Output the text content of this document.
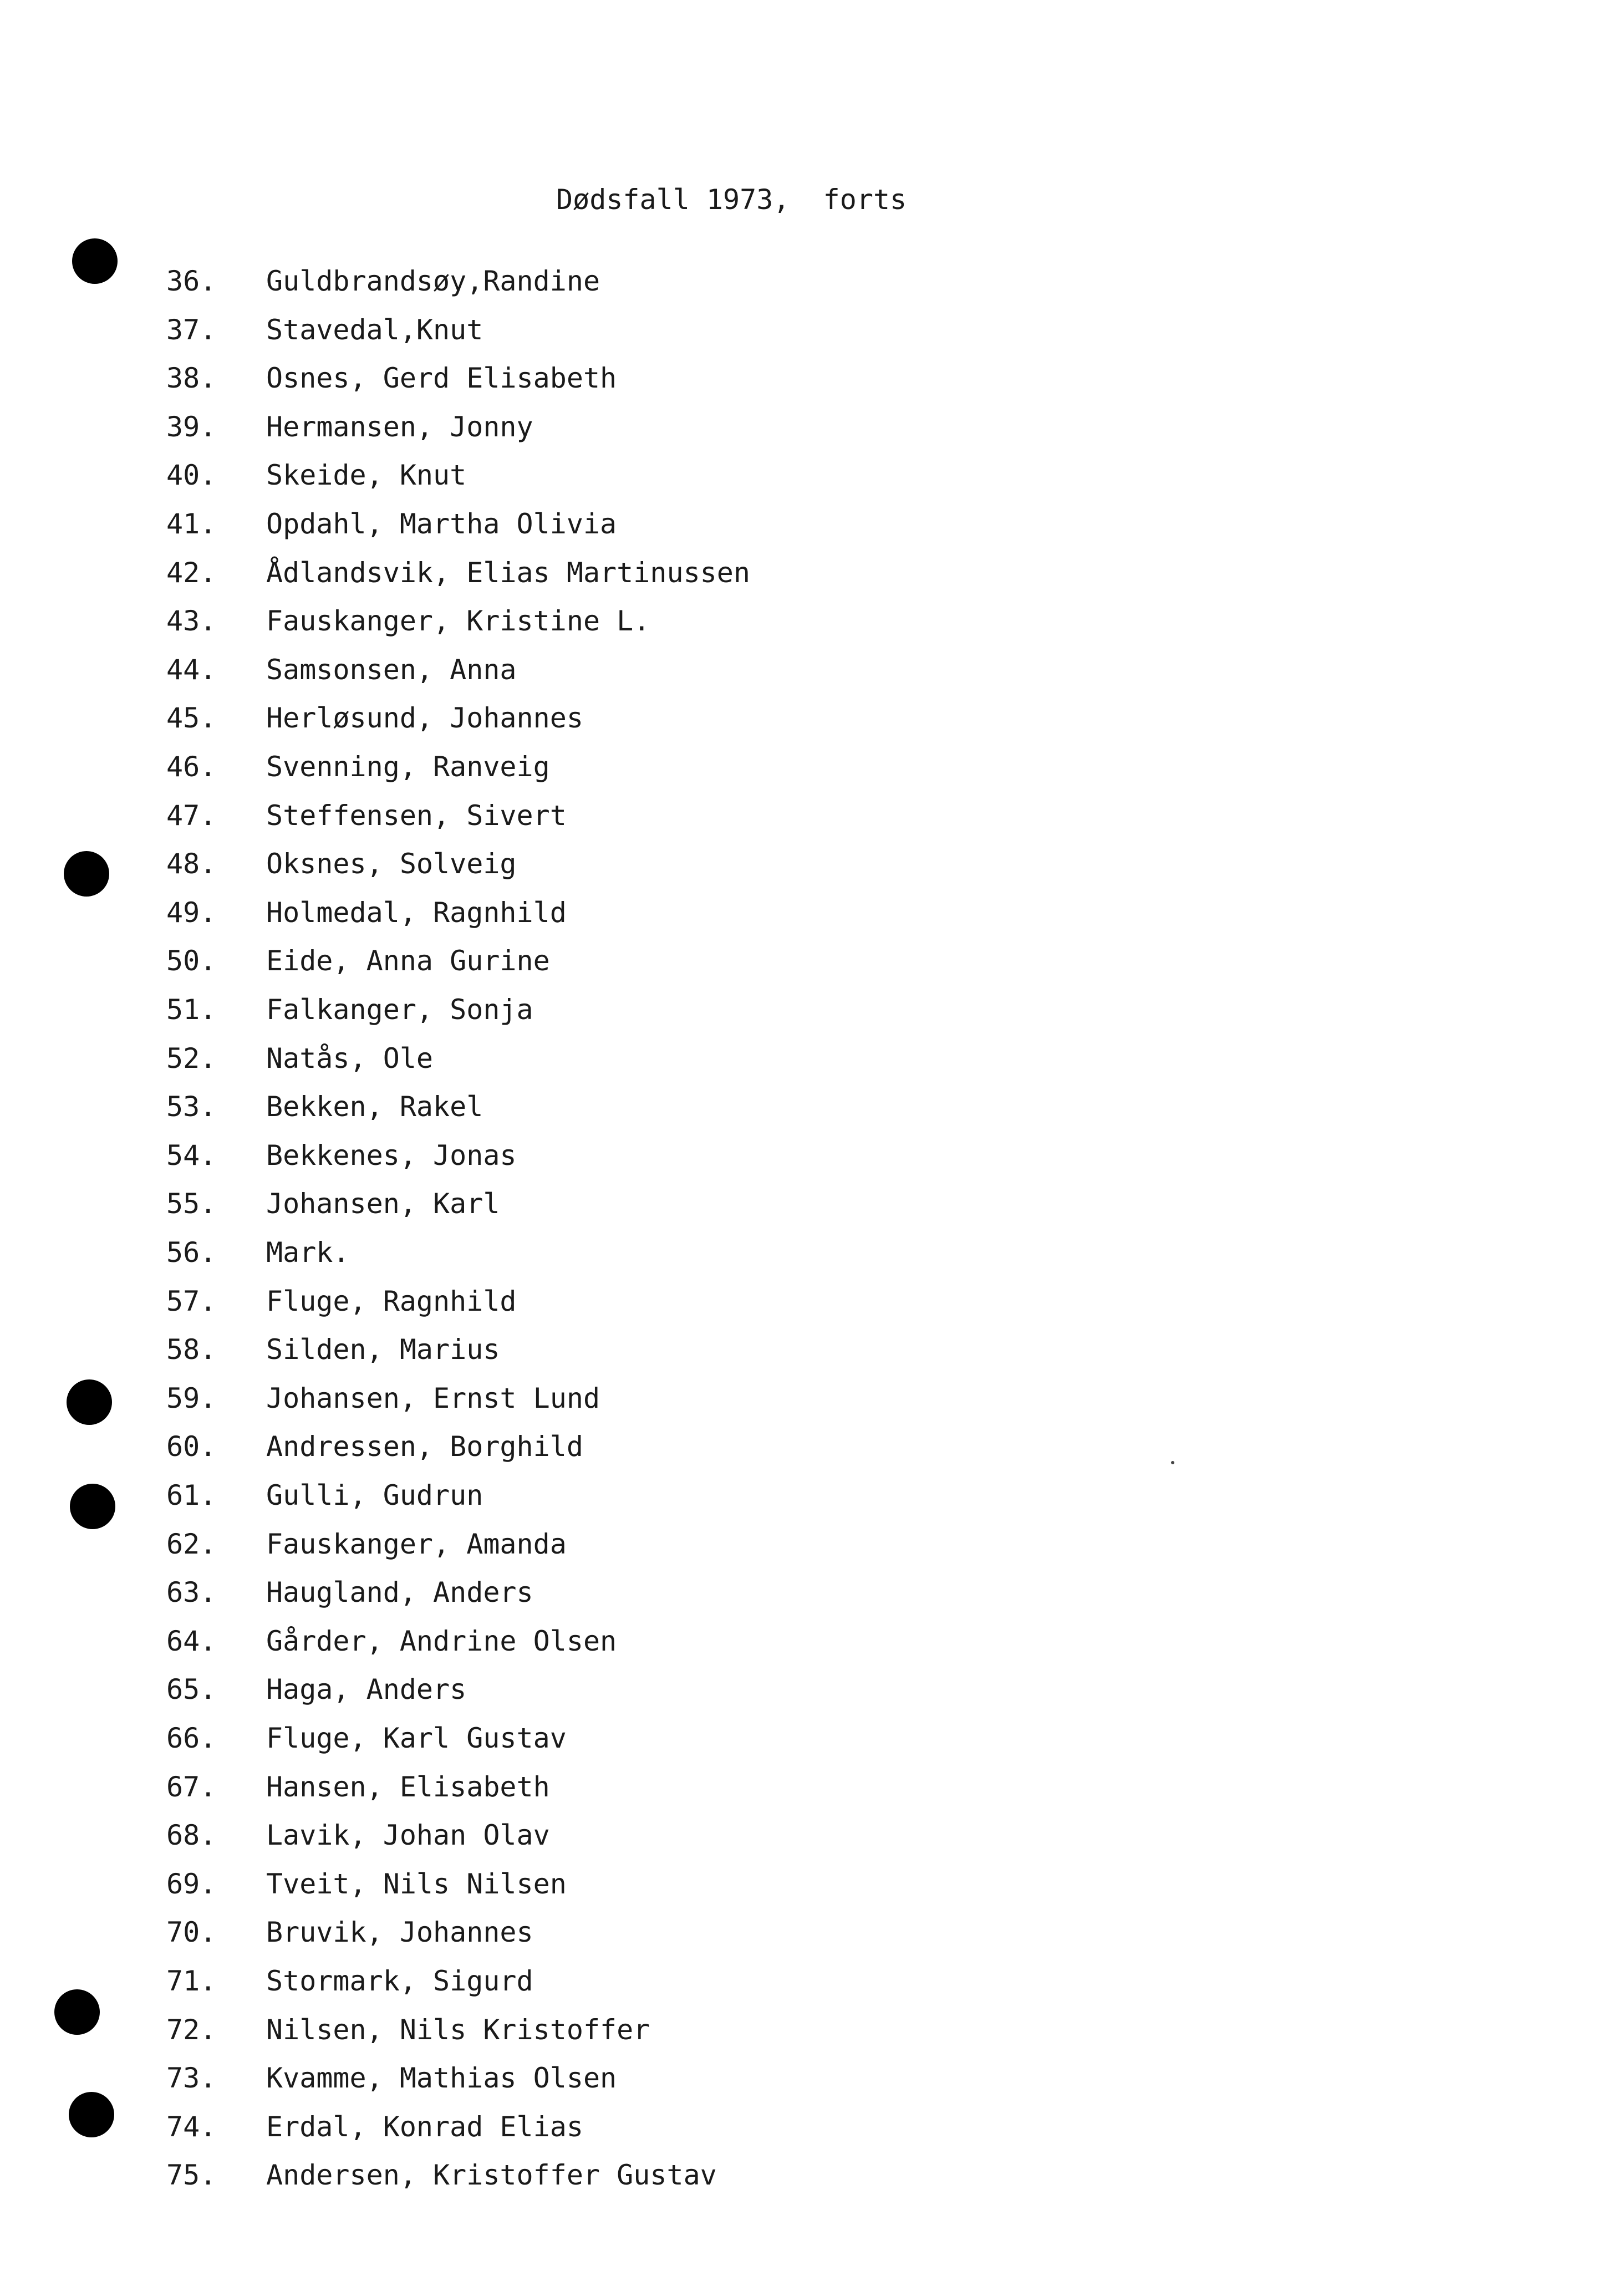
Dødsfall 1973,  forts
36. Guldbrandsøy,Randine
37. Stavedal,Knut
38. Osnes, Gerd Elisabeth
39. Hermansen, Jonny
40. Skeide, Knut
41. Opdahl, Martha Olivia
42. Ådlandsvik, Elias Martinussen
43. Fauskanger, Kristine L.
44. Samsonsen, Anna
45. Herløsund, Johannes
46. Svenning, Ranveig
47. Steffensen, Sivert
48. Oksnes, Solveig
49. Holmedal, Ragnhild
50. Eide, Anna Gurine
51. Falkanger, Sonja
52. Natås, Ole
53. Bekken, Rakel
54. Bekkenes, Jonas
55. Johansen, Karl
56. Mark.
57. Fluge, Ragnhild
58. Silden, Marius
59. Johansen, Ernst Lund
60. Andressen, Borghild
61. Gulli, Gudrun
62. Fauskanger, Amanda
63. Haugland, Anders
64. Gårder, Andrine Olsen
65. Haga, Anders
66. Fluge, Karl Gustav
67. Hansen, Elisabeth
68. Lavik, Johan Olav
69. Tveit, Nils Nilsen
70. Bruvik, Johannes
71. Stormark, Sigurd
72. Nilsen, Nils Kristoffer
73. Kvamme, Mathias Olsen
74. Erdal, Konrad Elias
75. Andersen, Kristoffer Gustav
